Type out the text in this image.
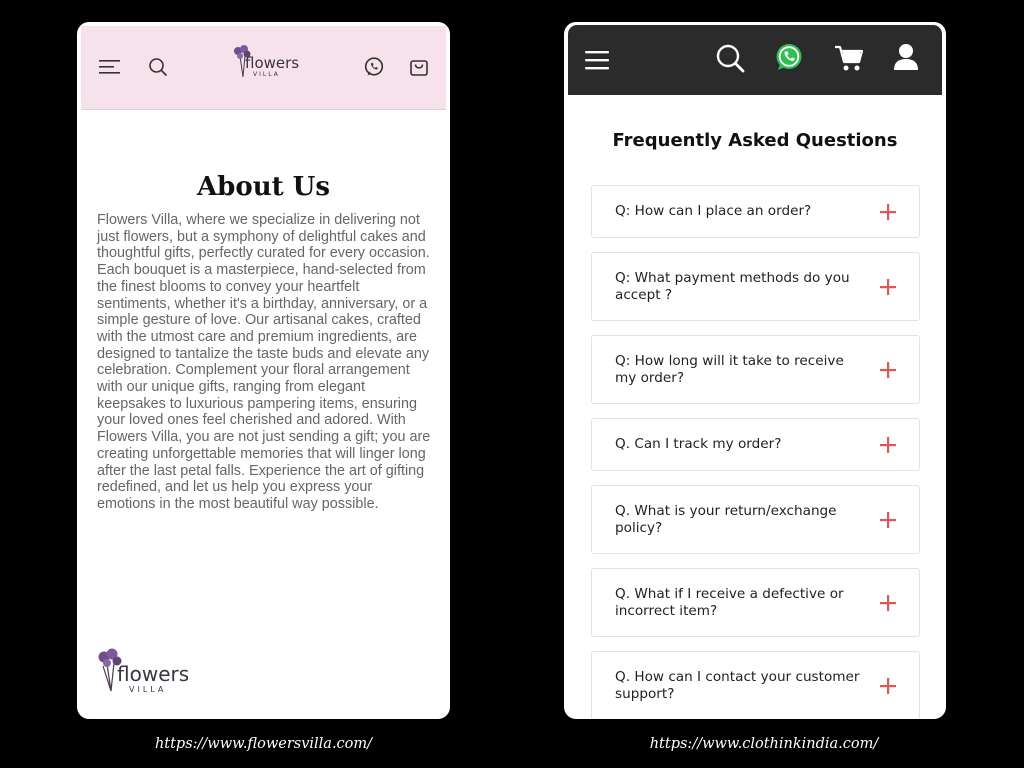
flowers
VILLA
About Us

Flowers Villa, where we specialize in delivering not just flowers, but a symphony of delightful cakes and thoughtful gifts, perfectly curated for every occasion. Each bouquet is a masterpiece, hand-selected from the finest blooms to convey your heartfelt sentiments, whether it's a birthday, anniversary, or a simple gesture of love. Our artisanal cakes, crafted with the utmost care and premium ingredients, are designed to tantalize the taste buds and elevate any celebration. Complement your floral arrangement with our unique gifts, ranging from elegant keepsakes to luxurious pampering items, ensuring your loved ones feel cherished and adored. With Flowers Villa, you are not just sending a gift; you are creating unforgettable memories that will linger long after the last petal falls. Experience the art of gifting redefined, and let us help you express your emotions in the most beautiful way possible.

flowers
VILLA
Frequently Asked Questions
Q: How can I place an order?
Q: What payment methods do you accept ?
Q: How long will it take to receive my order?
Q. Can I track my order?
Q. What is your return/exchange policy?
Q. What if I receive a defective or incorrect item?
Q. How can I contact your customer support?
https://www.flowersvilla.com/	https://www.clothinkindia.com/
